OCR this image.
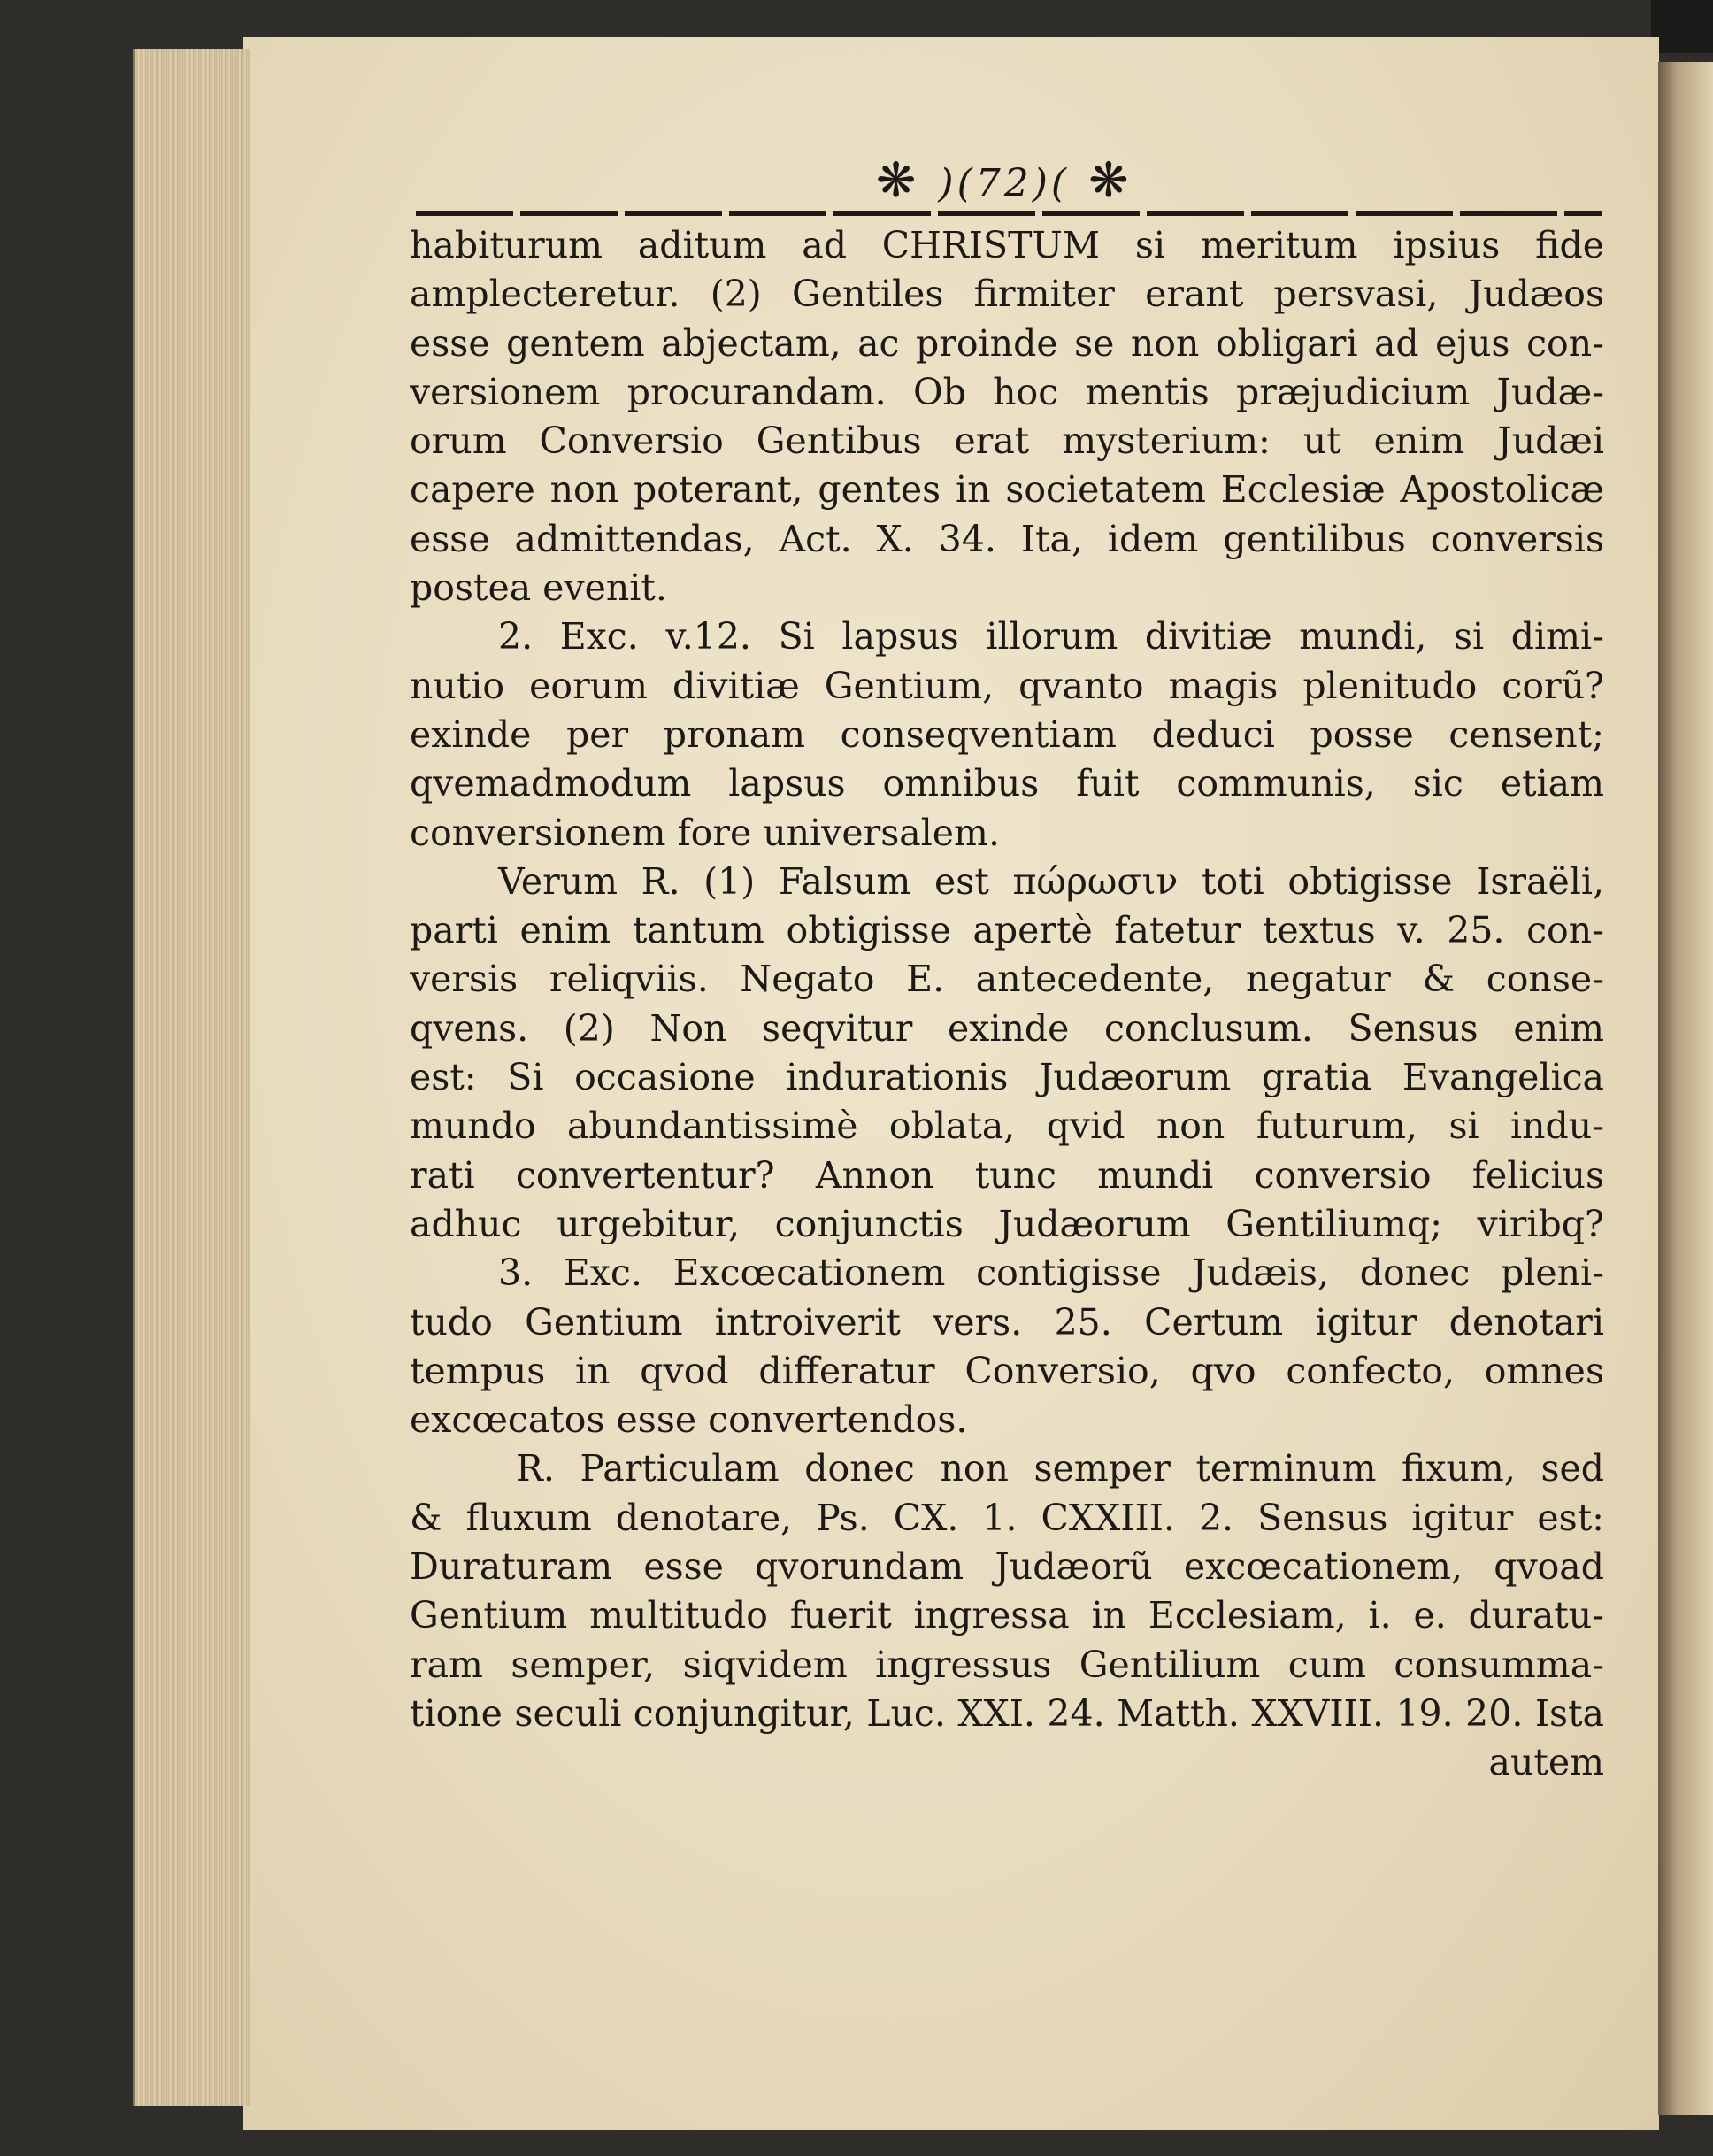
❋ )(72)( ❋
habiturum aditum ad CHRISTUM si meritum ipsius fide
amplecteretur. (2) Gentiles firmiter erant persvasi, Judæos
esse gentem abjectam, ac proinde se non obligari ad ejus con-
versionem procurandam. Ob hoc mentis præjudicium Judæ-
orum Conversio Gentibus erat mysterium: ut enim Judæi
capere non poterant, gentes in societatem Ecclesiæ Apostolicæ
esse admittendas, Act. X. 34. Ita, idem gentilibus conversis
postea evenit.
2. Exc. v.12. Si lapsus illorum divitiæ mundi, si dimi-
nutio eorum divitiæ Gentium, qvanto magis plenitudo corũ?
exinde per pronam conseqventiam deduci posse censent;
qvemadmodum lapsus omnibus fuit communis, sic etiam
conversionem fore universalem.
Verum R. (1) Falsum est πώρωσιν toti obtigisse Israëli,
parti enim tantum obtigisse apertè fatetur textus v. 25. con-
versis reliqviis. Negato E. antecedente, negatur & conse-
qvens. (2) Non seqvitur exinde conclusum. Sensus enim
est: Si occasione indurationis Judæorum gratia Evangelica
mundo abundantissimè oblata, qvid non futurum, si indu-
rati convertentur? Annon tunc mundi conversio felicius
adhuc urgebitur, conjunctis Judæorum Gentiliumq; viribq?
3. Exc. Excœcationem contigisse Judæis, donec pleni-
tudo Gentium introiverit vers. 25. Certum igitur denotari
tempus in qvod differatur Conversio, qvo confecto, omnes
excœcatos esse convertendos.
R. Particulam donec non semper terminum fixum, sed
& fluxum denotare, Ps. CX. 1. CXXIII. 2. Sensus igitur est:
Duraturam esse qvorundam Judæorũ excœcationem, qvoad
Gentium multitudo fuerit ingressa in Ecclesiam, i. e. duratu-
ram semper, siqvidem ingressus Gentilium cum consumma-
tione seculi conjungitur, Luc. XXI. 24. Matth. XXVIII. 19. 20. Ista
autem
